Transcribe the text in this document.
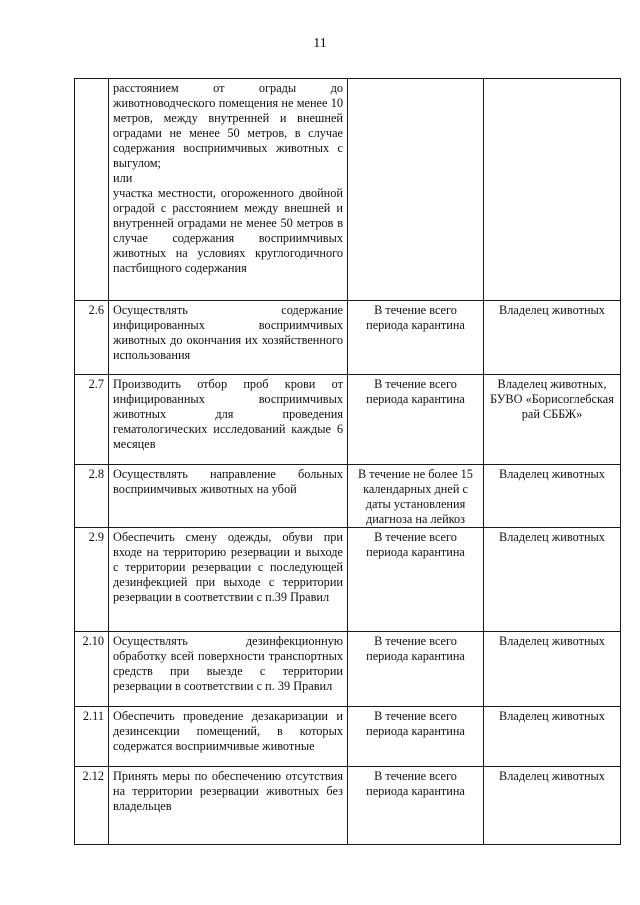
11
	расстоянием от ограды до животноводческого помещения не менее 10 метров, между внутренней и внешней оградами не менее 50 метров, в случае содержания восприимчивых животных с выгулом;
или
участка местности, огороженного двойной оградой с расстоянием между внешней и внутренней оградами не менее 50 метров в случае содержания восприимчивых животных на условиях круглогодичного пастбищного содержания		
2.6	Осуществлять содержание инфицированных восприимчивых животных до окончания их хозяйственного использования	В течение всего периода карантина	Владелец животных
2.7	Производить отбор проб крови от инфицированных восприимчивых животных для проведения гематологических исследований каждые 6 месяцев	В течение всего периода карантина	Владелец животных, БУВО «Борисоглебская рай СББЖ»
2.8	Осуществлять направление больных восприимчивых животных на убой	В течение не более 15 календарных дней с даты установления диагноза на лейкоз	Владелец животных
2.9	Обеспечить смену одежды, обуви при входе на территорию резервации и выходе с территории резервации с последующей дезинфекцией при выходе с территории резервации в соответствии с п.39 Правил	В течение всего периода карантина	Владелец животных
2.10	Осуществлять дезинфекционную обработку всей поверхности транспортных средств при выезде с территории резервации в соответствии с п. 39 Правил	В течение всего периода карантина	Владелец животных
2.11	Обеспечить проведение дезакаризации и дезинсекции помещений, в которых содержатся восприимчивые животные	В течение всего периода карантина	Владелец животных
2.12	Принять меры по обеспечению отсутствия на территории резервации животных без владельцев	В течение всего периода карантина	Владелец животных
